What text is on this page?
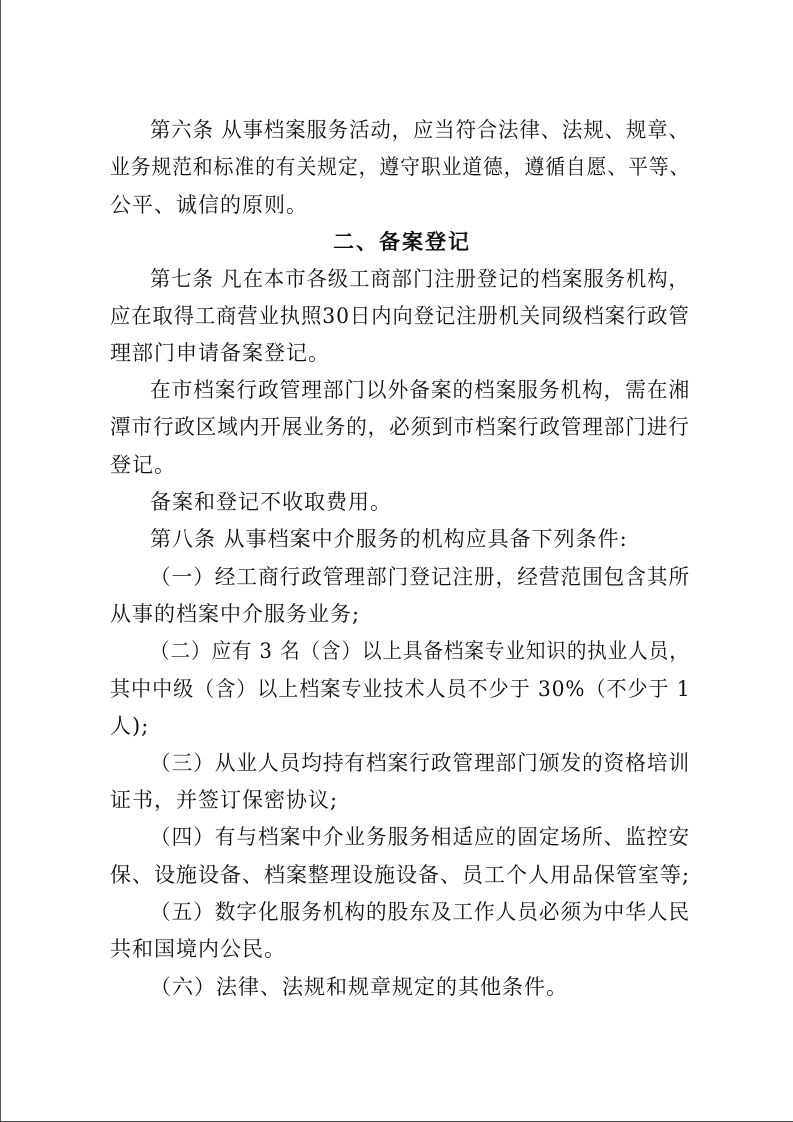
第六条 从事档案服务活动，应当符合法律、法规、规章、
业务规范和标准的有关规定，遵守职业道德，遵循自愿、平等、
公平、诚信的原则。
二、备案登记
第七条 凡在本市各级工商部门注册登记的档案服务机构，
应在取得工商营业执照30日内向登记注册机关同级档案行政管
理部门申请备案登记。
在市档案行政管理部门以外备案的档案服务机构，需在湘
潭市行政区域内开展业务的，必须到市档案行政管理部门进行
登记。
备案和登记不收取费用。
第八条 从事档案中介服务的机构应具备下列条件:
（一）经工商行政管理部门登记注册，经营范围包含其所
从事的档案中介服务业务;
（二）应有 3 名（含）以上具备档案专业知识的执业人员，
其中中级（含）以上档案专业技术人员不少于 30%（不少于 1
人);
（三）从业人员均持有档案行政管理部门颁发的资格培训
证书，并签订保密协议;
（四）有与档案中介业务服务相适应的固定场所、监控安
保、设施设备、档案整理设施设备、员工个人用品保管室等;
（五）数字化服务机构的股东及工作人员必须为中华人民
共和国境内公民。
（六）法律、法规和规章规定的其他条件。
